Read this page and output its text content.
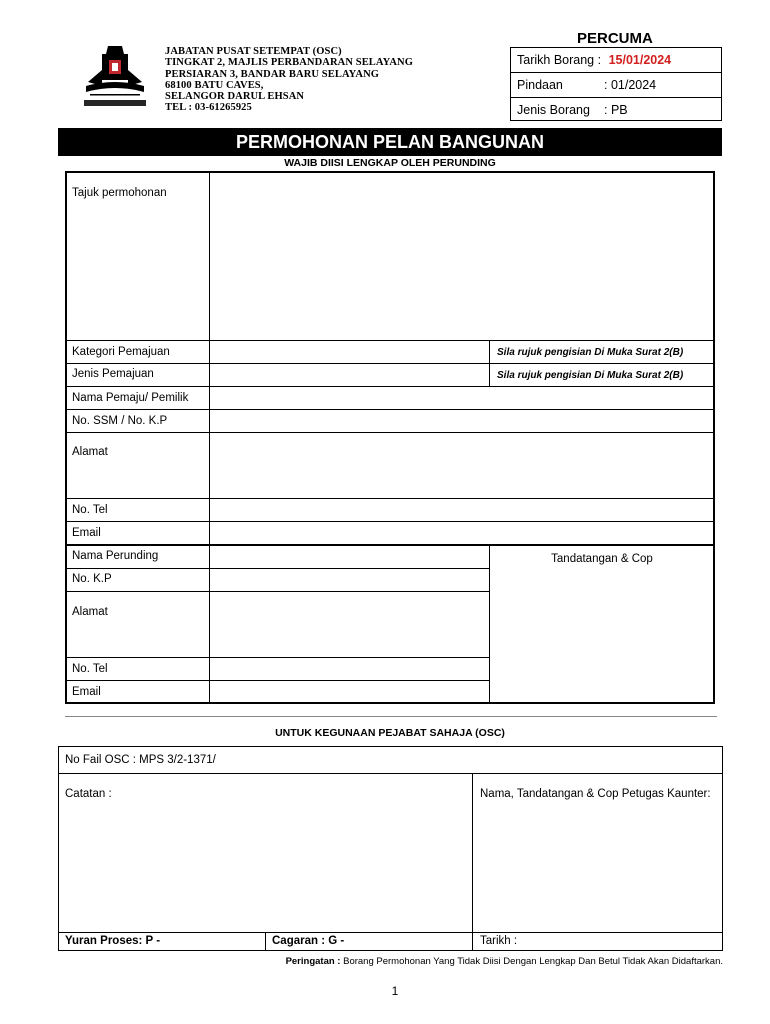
JABATAN PUSAT SETEMPAT (OSC)
TINGKAT 2, MAJLIS PERBANDARAN SELAYANG
PERSIARAN 3, BANDAR BARU SELAYANG
68100 BATU CAVES,
SELANGOR DARUL EHSAN
TEL : 03-61265925
PERCUMA
Tarikh Borang : 15/01/2024
Pindaan	: 01/2024
Jenis Borang : PB
PERMOHONAN PELAN BANGUNAN
WAJIB DIISI LENGKAP OLEH PERUNDING
Tajuk permohonan
Kategori Pemajuan	Sila rujuk pengisian Di Muka Surat 2(B)
Jenis Pemajuan	Sila rujuk pengisian Di Muka Surat 2(B)
Nama Pemaju/ Pemilik
No. SSM / No. K.P
Alamat
No. Tel
Email
Nama Perunding
No. K.P
Alamat
No. Tel
Email
Tandatangan & Cop
UNTUK KEGUNAAN PEJABAT SAHAJA (OSC)
No Fail OSC : MPS 3/2-1371/
Catatan :	Nama, Tandatangan & Cop Petugas Kaunter:
Yuran Proses: P -	Cagaran : G -	Tarikh :
Peringatan : Borang Permohonan Yang Tidak Diisi Dengan Lengkap Dan Betul Tidak Akan Didaftarkan.
1
